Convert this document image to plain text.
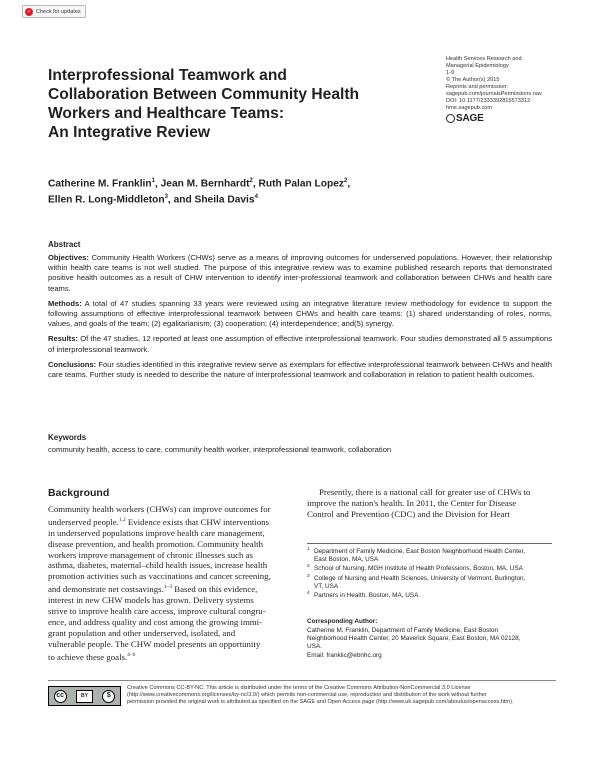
✓ Check for updates
Interprofessional Teamwork and
Collaboration Between Community Health
Workers and Healthcare Teams:
An Integrative Review
Health Services Research and
Managerial Epidemiology
1-9
© The Author(s) 2015
Reprints and permission:
sagepub.com/journalsPermissions.nav
DOI: 10.1177/2333392815573312
hme.sagepub.com
SAGE
Catherine M. Franklin$^1$, Jean M. Bernhardt$^2$, Ruth Palan Lopez$^2$,
Ellen R. Long-Middleton$^3$, and Sheila Davis$^4$
Abstract

Objectives: Community Health Workers (CHWs) serve as a means of improving outcomes for underserved populations. However, their relationship within health care teams is not well studied. The purpose of this integrative review was to examine published research reports that demonstrated positive health outcomes as a result of CHW intervention to identify inter-professional teamwork and collaboration between CHWs and health care teams.

Methods: A total of 47 studies spanning 33 years were reviewed using an integrative literature review methodology for evidence to support the following assumptions of effective interprofessional teamwork between CHWs and health care teams: (1) shared understanding of roles, norms, values, and goals of the team; (2) egalitarianism; (3) cooperation; (4) interdependence; and(5) synergy.

Results: Of the 47 studies, 12 reported at least one assumption of effective interprofessional teamwork. Four studies demonstrated all 5 assumptions of interprofessional teamwork.

Conclusions: Four studies identified in this integrative review serve as exemplars for effective interprofessional teamwork between CHWs and health care teams. Further study is needed to describe the nature of interprofessional teamwork and collaboration in relation to patient health outcomes.

Keywords
community health, access to care, community health worker, interprofessional teamwork, collaboration
Background
Community health workers (CHWs) can improve outcomes for
underserved people.$^{1,2}$ Evidence exists that CHW interventions
in underserved populations improve health care management,
disease prevention, and health promotion. Community health
workers improve management of chronic illnesses such as
asthma, diabetes, maternal–child health issues, increase health
promotion activities such as vaccinations and cancer screening,
and demonstrate net costsavings.$^{1-3}$ Based on this evidence,
interest in new CHW models has grown. Delivery systems
strive to improve health care access, improve cultural congru-
ence, and address quality and cost among the growing immi-
grant population and other underserved, isolated, and
vulnerable people. The CHW model presents an opportunity
to achieve these goals.$^{4-6}$
Presently, there is a national call for greater use of CHWs to
improve the nation's health. In 2011, the Center for Disease
Control and Prevention (CDC) and the Division for Heart
1 Department of Family Medicine, East Boston Neighborhood Health Center,
East Boston, MA, USA
2 School of Nursing, MGH Institute of Health Professions, Boston, MA, USA
3 College of Nursing and Health Sciences, University of Vermont, Burlington,
VT, USA
4 Partners in Health, Boston, MA, USA
Corresponding Author:
Catherine M. Franklin, Department of Family Medicine, East Boston
Neighborhood Health Center, 20 Maverick Square, East Boston, MA 02128,
USA.
Email: franklic@ebnhc.org
cc	BY	$
Creative Commons CC-BY-NC: This article is distributed under the terms of the Creative Commons Attribution-NonCommercial 3.0 License
(http://www.creativecommons.org/licenses/by-nc/3.0/) which permits non-commercial use, reproduction and distribution of the work without further
permission provided the original work is attributed as specified on the SAGE and Open Access page (http://www.uk.sagepub.com/aboutus/openaccess.htm).
